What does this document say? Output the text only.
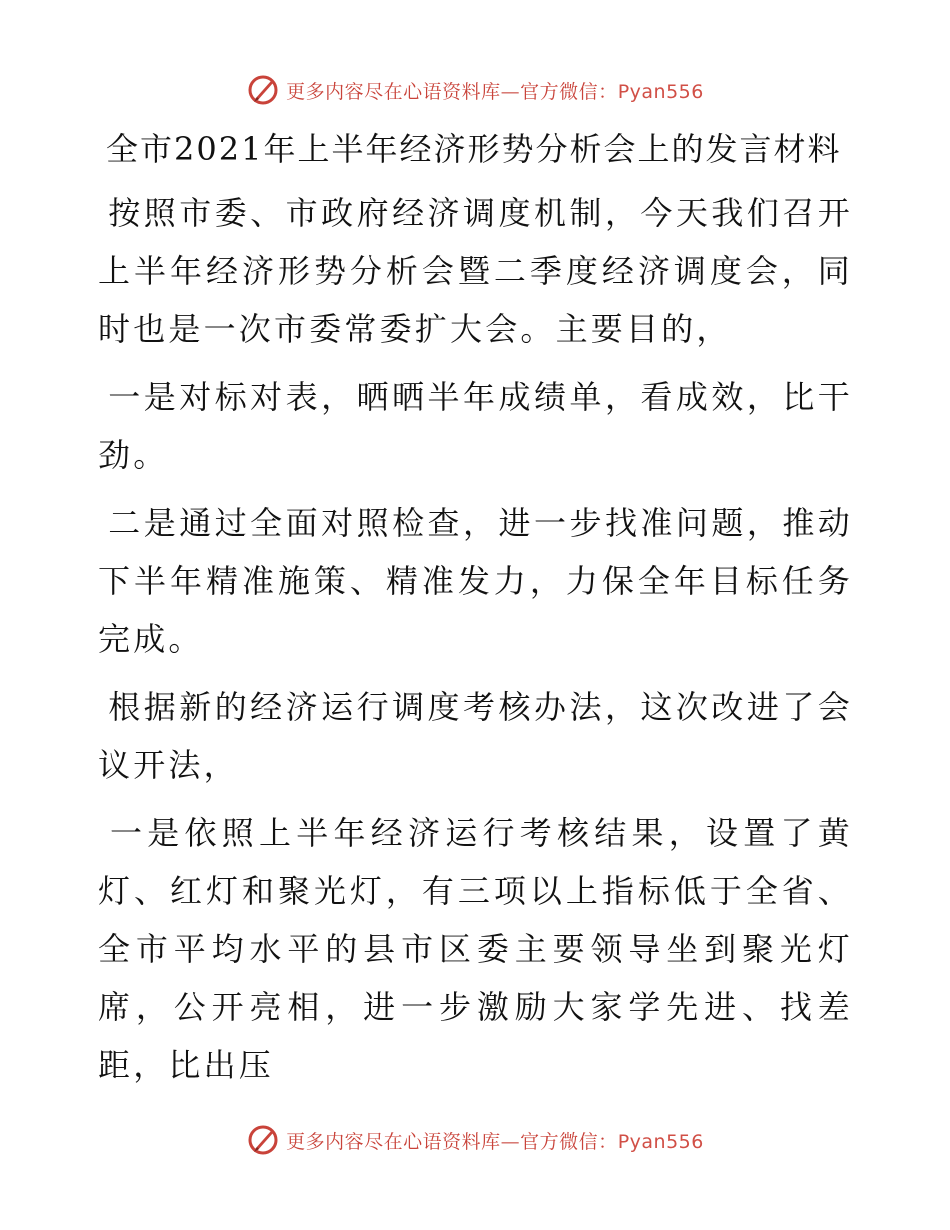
更多内容尽在心语资料库—官方微信：Pyan556
全市2021年上半年经济形势分析会上的发言材料

按照市委、市政府经济调度机制，今天我们召开上半年经济形势分析会暨二季度经济调度会，同时也是一次市委常委扩大会。主要目的，

一是对标对表，晒晒半年成绩单，看成效，比干劲。

二是通过全面对照检查，进一步找准问题，推动下半年精准施策、精准发力，力保全年目标任务完成。

根据新的经济运行调度考核办法，这次改进了会议开法，

一是依照上半年经济运行考核结果，设置了黄灯、红灯和聚光灯，有三项以上指标低于全省、全市平均水平的县市区委主要领导坐到聚光灯席，公开亮相，进一步激励大家学先进、找差距，比出压

更多内容尽在心语资料库—官方微信：Pyan556
